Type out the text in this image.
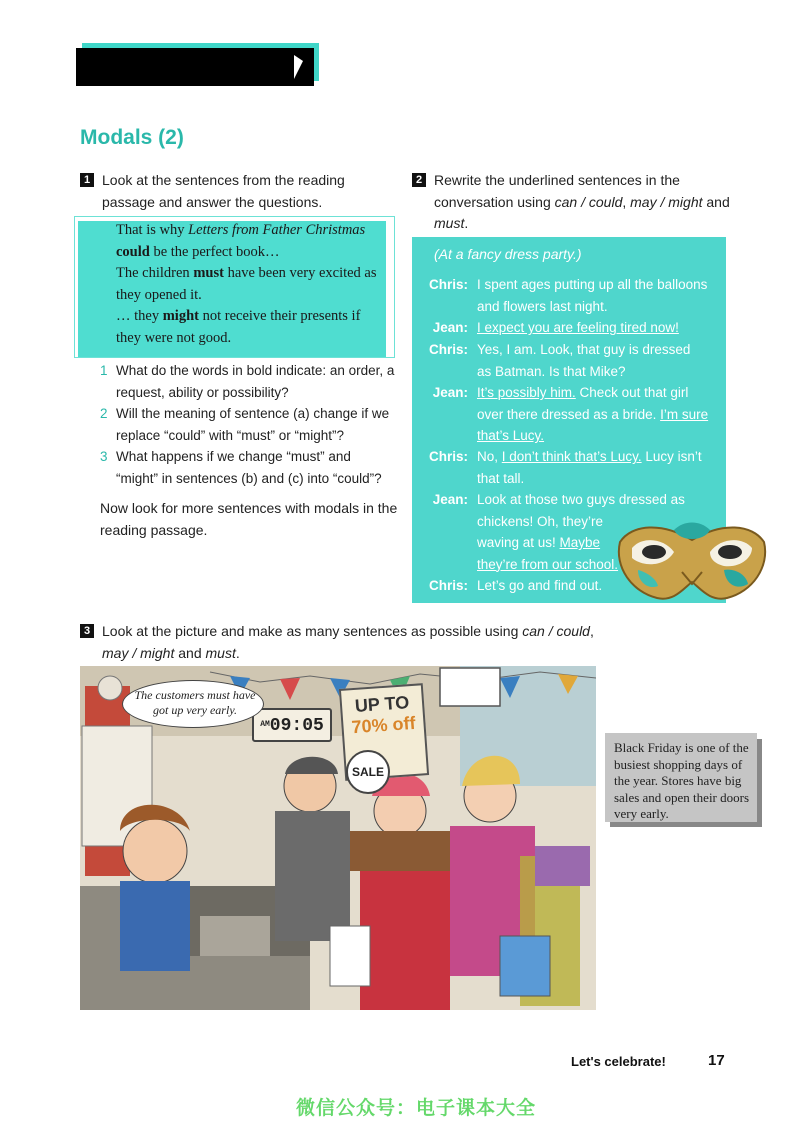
Modals (2)
1 Look at the sentences from the reading passage and answer the questions.
That is why Letters from Father Christmas
could be the perfect book…
The children must have been very excited as they opened it.
… they might not receive their presents if they were not good.
1 What do the words in bold indicate: an order, a request, ability or possibility?
2 Will the meaning of sentence (a) change if we replace “could” with “must” or “might”?
3 What happens if we change “must” and “might” in sentences (b) and (c) into “could”?
Now look for more sentences with modals in the reading passage.
2 Rewrite the underlined sentences in the conversation using can / could, may / might and must.
(At a fancy dress party.)
Chris: I spent ages putting up all the balloons
and flowers last night.
Jean: I expect you are feeling tired now!
Chris: Yes, I am. Look, that guy is dressed
as Batman. Is that Mike?
Jean: It’s possibly him. Check out that girl
over there dressed as a bride. I’m sure
that’s Lucy.
Chris: No, I don’t think that’s Lucy. Lucy isn’t
that tall.
Jean: Look at those two guys dressed as
chickens! Oh, they’re
waving at us! Maybe
they’re from our school.
Chris: Let’s go and find out.
3 Look at the picture and make as many sentences as possible using can / could,
may / might and must.
AM09:05
UP TO
70% off
SALE
The customers must have got up very early.
Black Friday is one of the busiest shopping days of the year. Stores have big sales and open their doors very early.
Let's celebrate!	17
微信公众号：电子课本大全
